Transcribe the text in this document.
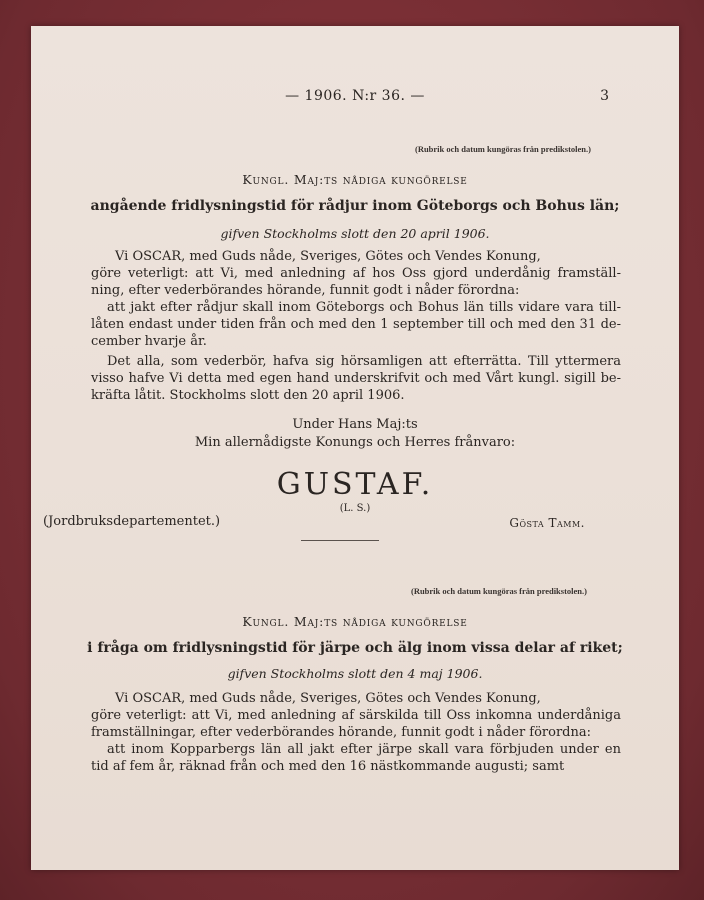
— 1906. N:r 36. —	3
(Rubrik och datum kungöras från predikstolen.)
Kungl. Maj:ts nådiga kungörelse
angående fridlysningstid för rådjur inom Göteborgs och Bohus län;
gifven Stockholms slott den 20 april 1906.
Vi OSCAR, med Guds nåde, Sveriges, Götes och Vendes Konung,
göre veterligt: att Vi, med anledning af hos Oss gjord underdånig framställ-
ning, efter vederbörandes hörande, funnit godt i nåder förordna:
att jakt efter rådjur skall inom Göteborgs och Bohus län tills vidare vara till-
låten endast under tiden från och med den 1 september till och med den 31 de-
cember hvarje år.
Det alla, som vederbör, hafva sig hörsamligen att efterrätta. Till yttermera
visso hafve Vi detta med egen hand underskrifvit och med Vårt kungl. sigill be-
kräfta låtit. Stockholms slott den 20 april 1906.
Under Hans Maj:ts
Min allernådigste Konungs och Herres frånvaro:
GUSTAF.
(L. S.)
(Jordbruksdepartementet.)	Gösta Tamm.
(Rubrik och datum kungöras från predikstolen.)
Kungl. Maj:ts nådiga kungörelse
i fråga om fridlysningstid för järpe och älg inom vissa delar af riket;
gifven Stockholms slott den 4 maj 1906.
Vi OSCAR, med Guds nåde, Sveriges, Götes och Vendes Konung,
göre veterligt: att Vi, med anledning af särskilda till Oss inkomna underdåniga
framställningar, efter vederbörandes hörande, funnit godt i nåder förordna:
att inom Kopparbergs län all jakt efter järpe skall vara förbjuden under en
tid af fem år, räknad från och med den 16 nästkommande augusti; samt
